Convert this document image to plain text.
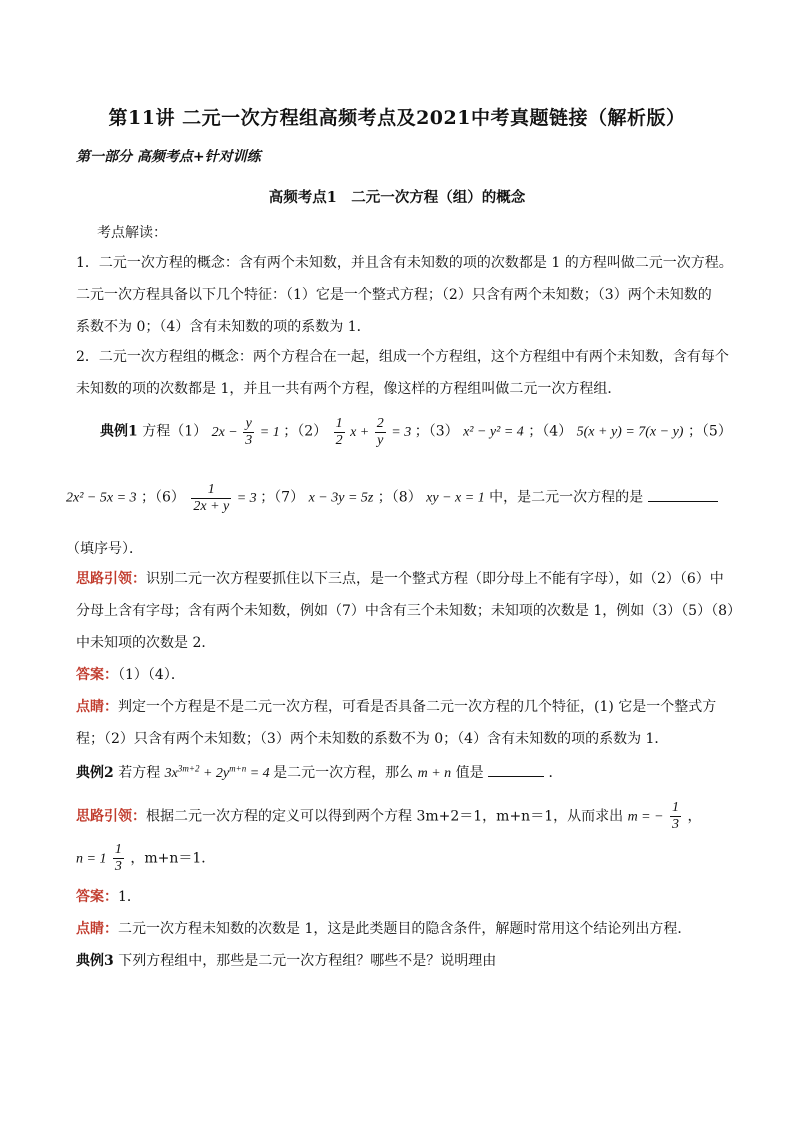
第11讲 二元一次方程组高频考点及2021中考真题链接（解析版）
第一部分 高频考点+针对训练
高频考点1　二元一次方程（组）的概念
考点解读：
1．二元一次方程的概念：含有两个未知数，并且含有未知数的项的次数都是 1 的方程叫做二元一次方程。
二元一次方程具备以下几个特征：（1）它是一个整式方程；（2）只含有两个未知数；（3）两个未知数的
系数不为 0；（4）含有未知数的项的系数为 1．
2．二元一次方程组的概念：两个方程合在一起，组成一个方程组，这个方程组中有两个未知数，含有每个
未知数的项的次数都是 1，并且一共有两个方程，像这样的方程组叫做二元一次方程组．
典例1 方程（1） $2x - \frac{y}{3} = 1$ ；$(2) \frac{1}{2}$ $x + \frac{2}{y} = 3$ ；（3） x² − y² = 4 ；（4） 5(x + y) = 7(x − y) ；（5）
2x² − 5x = 3 ；$(6) \frac{1}{2x + y} = 3$ ；（7） x − 3y = 5z ；（8） xy − x = 1 中，是二元一次方程的是
（填序号）．
思路引领：识别二元一次方程要抓住以下三点，是一个整式方程（即分母上不能有字母），如（2）（6）中
分母上含有字母；含有两个未知数，例如（7）中含有三个未知数；未知项的次数是 1，例如（3）（5）（8）
中未知项的次数是 2．
答案：（1）（4）．
点睛：判定一个方程是不是二元一次方程，可看是否具备二元一次方程的几个特征，(1) 它是一个整式方
程；（2）只含有两个未知数；（3）两个未知数的系数不为 0；（4）含有未知数的项的系数为 1．
典例2 若方程 $3x^{3m+2} + 2y^{m+n} = 4$ 是二元一次方程，那么 m + n 值是	．
思路引领：根据二元一次方程的定义可以得到两个方程 3m+2＝1，m+n＝1，从而求出 m = − $\frac{1}{3}$ ，
$n = 1 \frac{1}{3}$ ，m+n＝1．
答案：1．
点睛：二元一次方程未知数的次数是 1，这是此类题目的隐含条件，解题时常用这个结论列出方程．
典例3 下列方程组中，那些是二元一次方程组？哪些不是？说明理由
